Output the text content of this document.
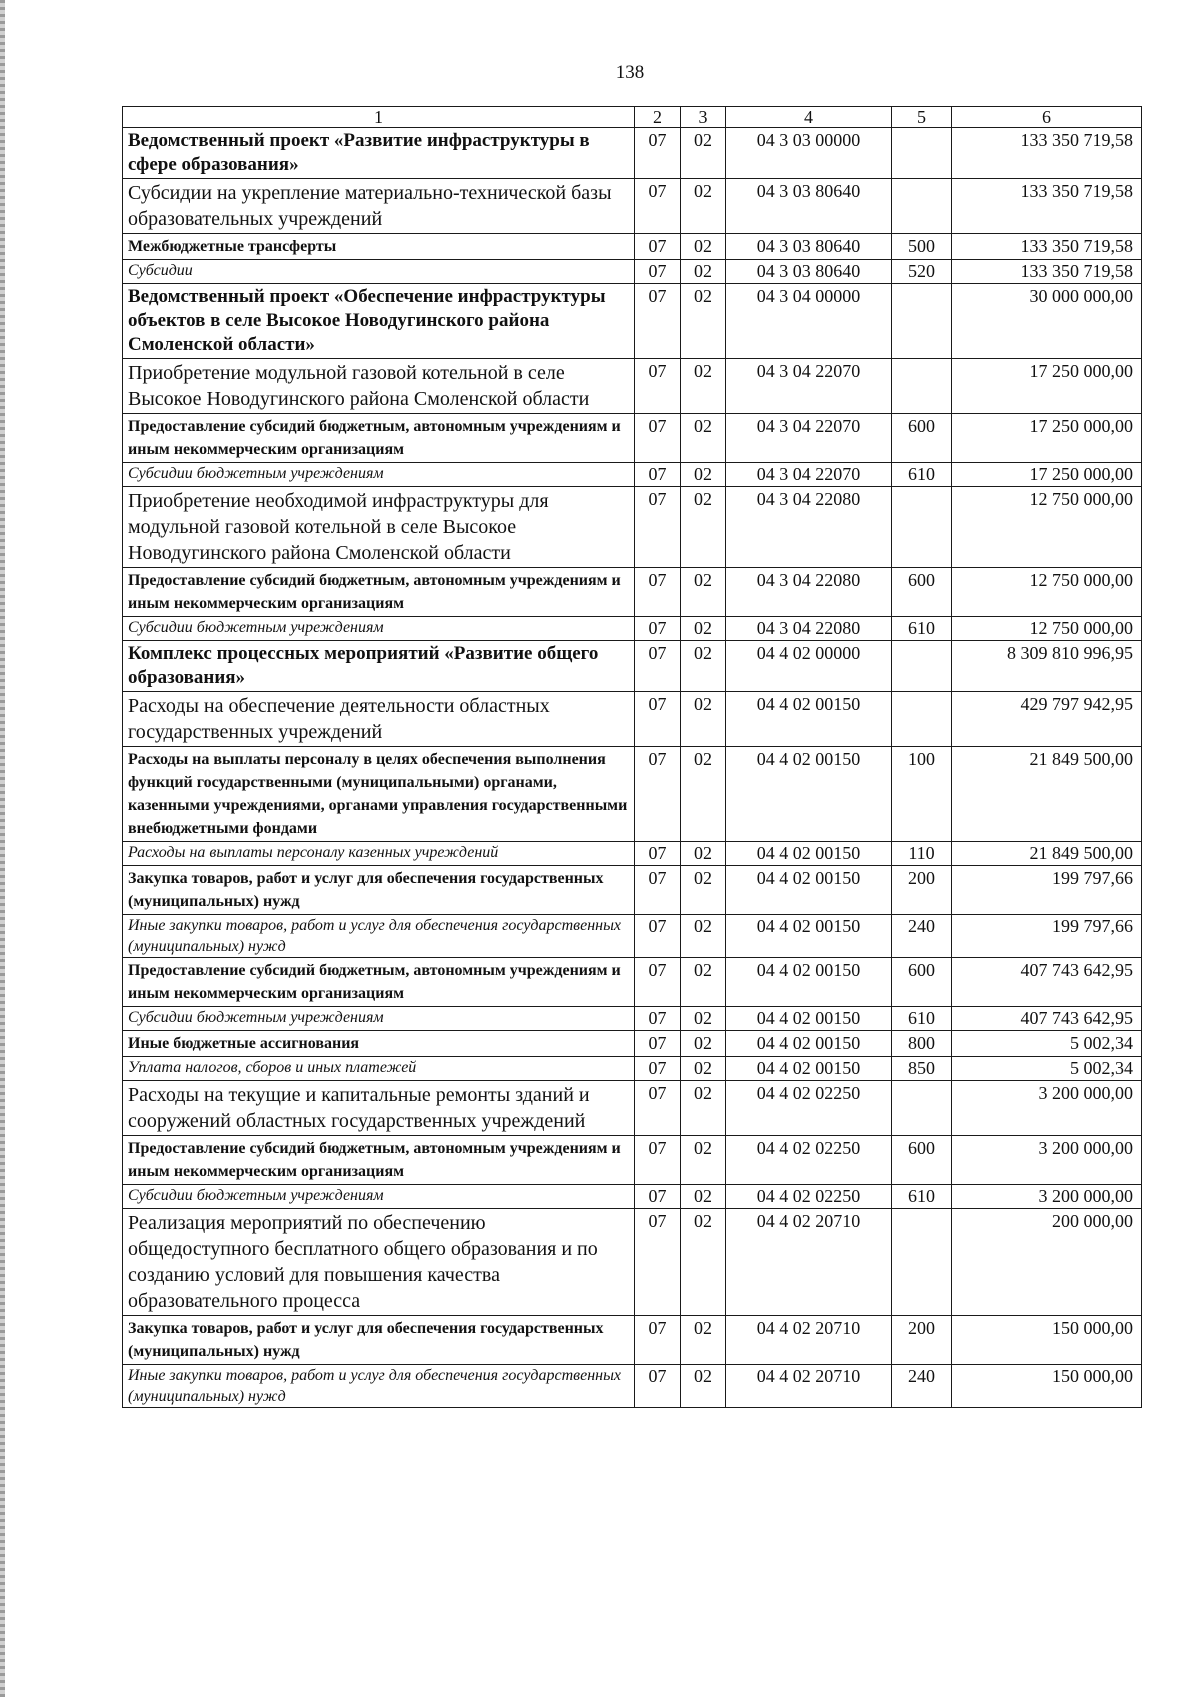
138
1	2	3	4	5	6
Ведомственный проект «Развитие инфраструктуры в сфере образования»	07	02	04 3 03 00000		133 350 719,58
Субсидии на укрепление материально-технической базы образовательных учреждений	07	02	04 3 03 80640		133 350 719,58
Межбюджетные трансферты	07	02	04 3 03 80640	500	133 350 719,58
Субсидии	07	02	04 3 03 80640	520	133 350 719,58
Ведомственный проект «Обеспечение инфраструктуры объектов в селе Высокое Новодугинского района Смоленской области»	07	02	04 3 04 00000		30 000 000,00
Приобретение модульной газовой котельной в селе Высокое Новодугинского района Смоленской области	07	02	04 3 04 22070		17 250 000,00
Предоставление субсидий бюджетным, автономным учреждениям и иным некоммерческим организациям	07	02	04 3 04 22070	600	17 250 000,00
Субсидии бюджетным учреждениям	07	02	04 3 04 22070	610	17 250 000,00
Приобретение необходимой инфраструктуры для модульной газовой котельной в селе Высокое Новодугинского района Смоленской области	07	02	04 3 04 22080		12 750 000,00
Предоставление субсидий бюджетным, автономным учреждениям и иным некоммерческим организациям	07	02	04 3 04 22080	600	12 750 000,00
Субсидии бюджетным учреждениям	07	02	04 3 04 22080	610	12 750 000,00
Комплекс процессных мероприятий «Развитие общего образования»	07	02	04 4 02 00000		8 309 810 996,95
Расходы на обеспечение деятельности областных государственных учреждений	07	02	04 4 02 00150		429 797 942,95
Расходы на выплаты персоналу в целях обеспечения выполнения функций государственными (муниципальными) органами, казенными учреждениями, органами управления государственными внебюджетными фондами	07	02	04 4 02 00150	100	21 849 500,00
Расходы на выплаты персоналу казенных учреждений	07	02	04 4 02 00150	110	21 849 500,00
Закупка товаров, работ и услуг для обеспечения государственных (муниципальных) нужд	07	02	04 4 02 00150	200	199 797,66
Иные закупки товаров, работ и услуг для обеспечения государственных (муниципальных) нужд	07	02	04 4 02 00150	240	199 797,66
Предоставление субсидий бюджетным, автономным учреждениям и иным некоммерческим организациям	07	02	04 4 02 00150	600	407 743 642,95
Субсидии бюджетным учреждениям	07	02	04 4 02 00150	610	407 743 642,95
Иные бюджетные ассигнования	07	02	04 4 02 00150	800	5 002,34
Уплата налогов, сборов и иных платежей	07	02	04 4 02 00150	850	5 002,34
Расходы на текущие и капитальные ремонты зданий и сооружений областных государственных учреждений	07	02	04 4 02 02250		3 200 000,00
Предоставление субсидий бюджетным, автономным учреждениям и иным некоммерческим организациям	07	02	04 4 02 02250	600	3 200 000,00
Субсидии бюджетным учреждениям	07	02	04 4 02 02250	610	3 200 000,00
Реализация мероприятий по обеспечению общедоступного бесплатного общего образования и по созданию условий для повышения качества образовательного процесса	07	02	04 4 02 20710		200 000,00
Закупка товаров, работ и услуг для обеспечения государственных (муниципальных) нужд	07	02	04 4 02 20710	200	150 000,00
Иные закупки товаров, работ и услуг для обеспечения государственных (муниципальных) нужд	07	02	04 4 02 20710	240	150 000,00
